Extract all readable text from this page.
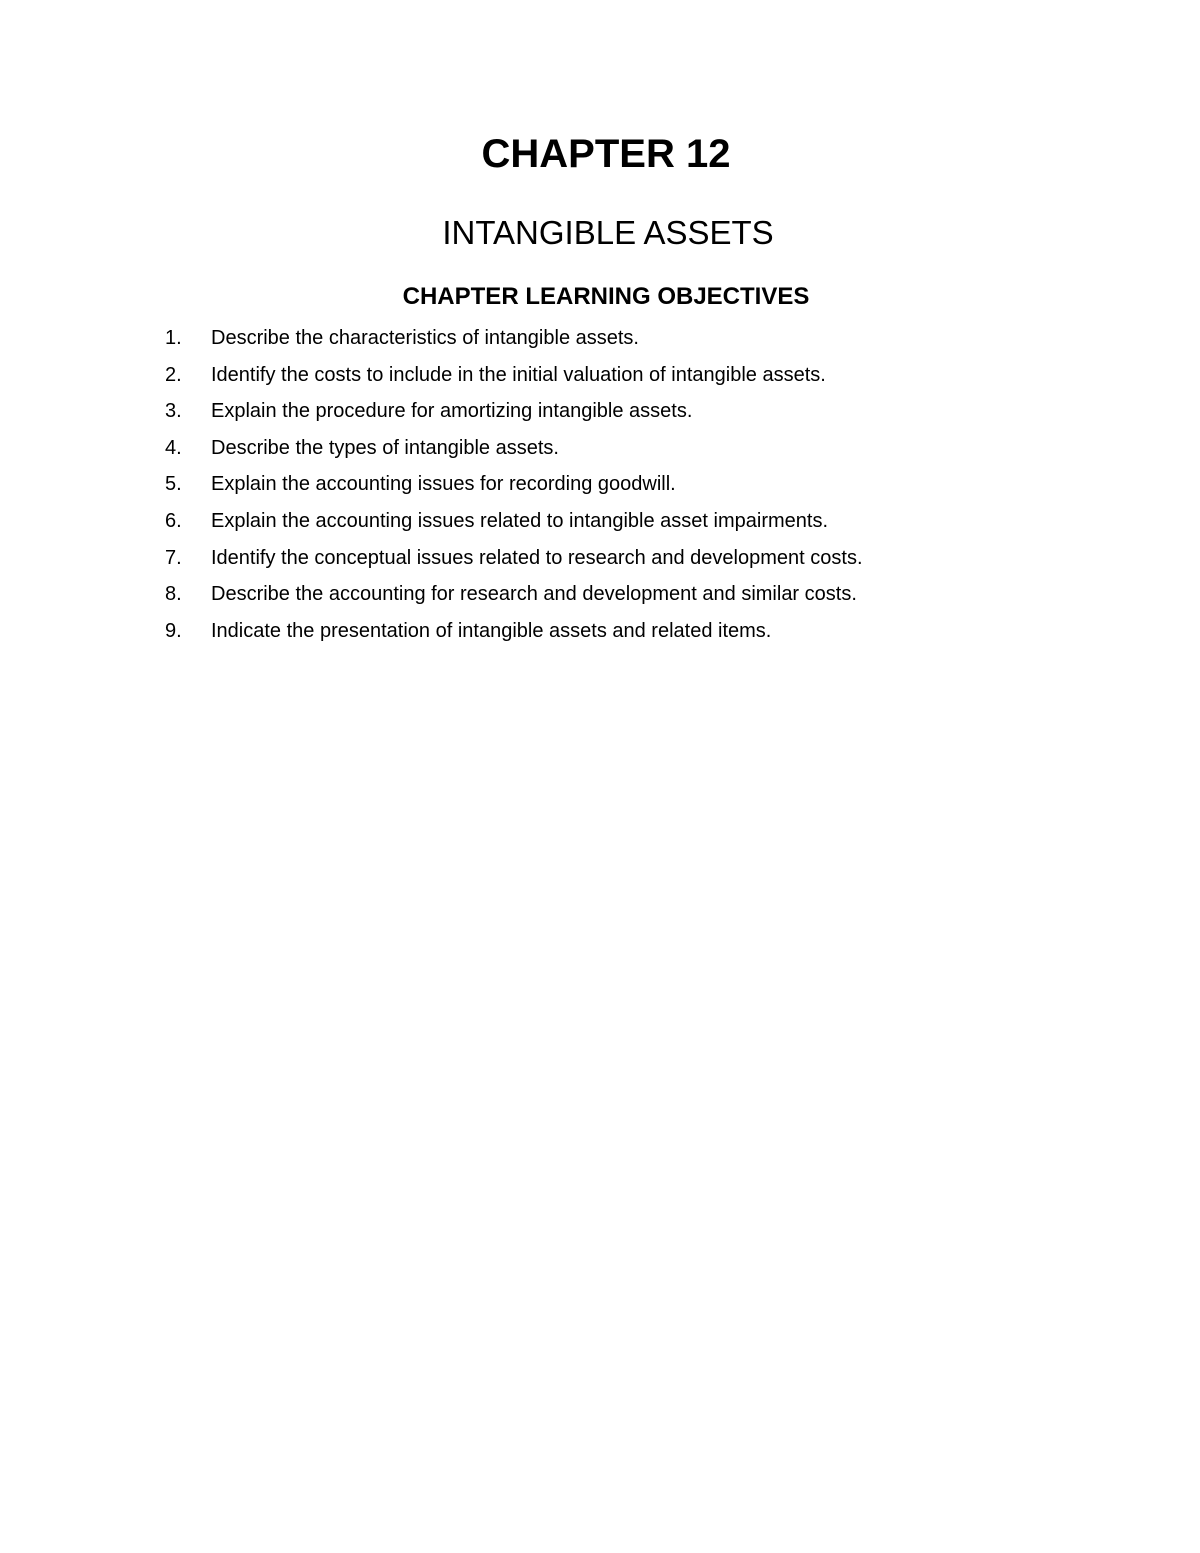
CHAPTER 12
INTANGIBLE ASSETS
CHAPTER LEARNING OBJECTIVES
1.	Describe the characteristics of intangible assets.
2.	Identify the costs to include in the initial valuation of intangible assets.
3.	Explain the procedure for amortizing intangible assets.
4.	Describe the types of intangible assets.
5.	Explain the accounting issues for recording goodwill.
6.	Explain the accounting issues related to intangible asset impairments.
7.	Identify the conceptual issues related to research and development costs.
8.	Describe the accounting for research and development and similar costs.
9.	Indicate the presentation of intangible assets and related items.
